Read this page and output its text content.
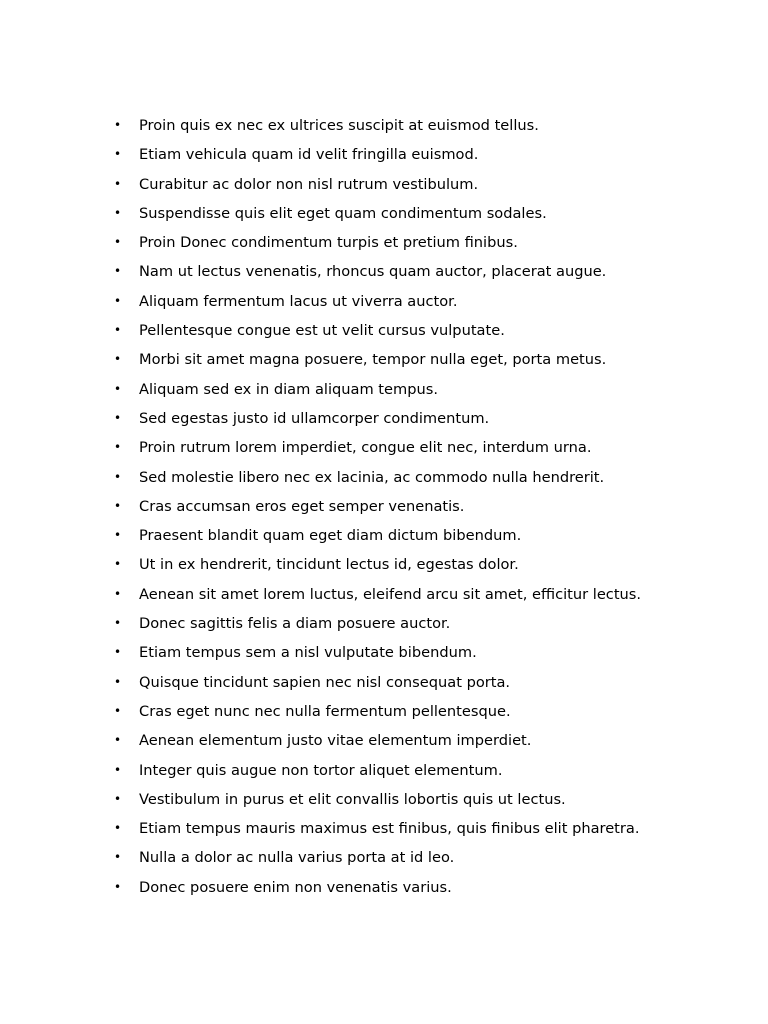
• Proin quis ex nec ex ultrices suscipit at euismod tellus.
• Etiam vehicula quam id velit fringilla euismod.
• Curabitur ac dolor non nisl rutrum vestibulum.
• Suspendisse quis elit eget quam condimentum sodales.
• Proin Donec condimentum turpis et pretium finibus.
• Nam ut lectus venenatis, rhoncus quam auctor, placerat augue.
• Aliquam fermentum lacus ut viverra auctor.
• Pellentesque congue est ut velit cursus vulputate.
• Morbi sit amet magna posuere, tempor nulla eget, porta metus.
• Aliquam sed ex in diam aliquam tempus.
• Sed egestas justo id ullamcorper condimentum.
• Proin rutrum lorem imperdiet, congue elit nec, interdum urna.
• Sed molestie libero nec ex lacinia, ac commodo nulla hendrerit.
• Cras accumsan eros eget semper venenatis.
• Praesent blandit quam eget diam dictum bibendum.
• Ut in ex hendrerit, tincidunt lectus id, egestas dolor.
• Aenean sit amet lorem luctus, eleifend arcu sit amet, efficitur lectus.
• Donec sagittis felis a diam posuere auctor.
• Etiam tempus sem a nisl vulputate bibendum.
• Quisque tincidunt sapien nec nisl consequat porta.
• Cras eget nunc nec nulla fermentum pellentesque.
• Aenean elementum justo vitae elementum imperdiet.
• Integer quis augue non tortor aliquet elementum.
• Vestibulum in purus et elit convallis lobortis quis ut lectus.
• Etiam tempus mauris maximus est finibus, quis finibus elit pharetra.
• Nulla a dolor ac nulla varius porta at id leo.
• Donec posuere enim non venenatis varius.
